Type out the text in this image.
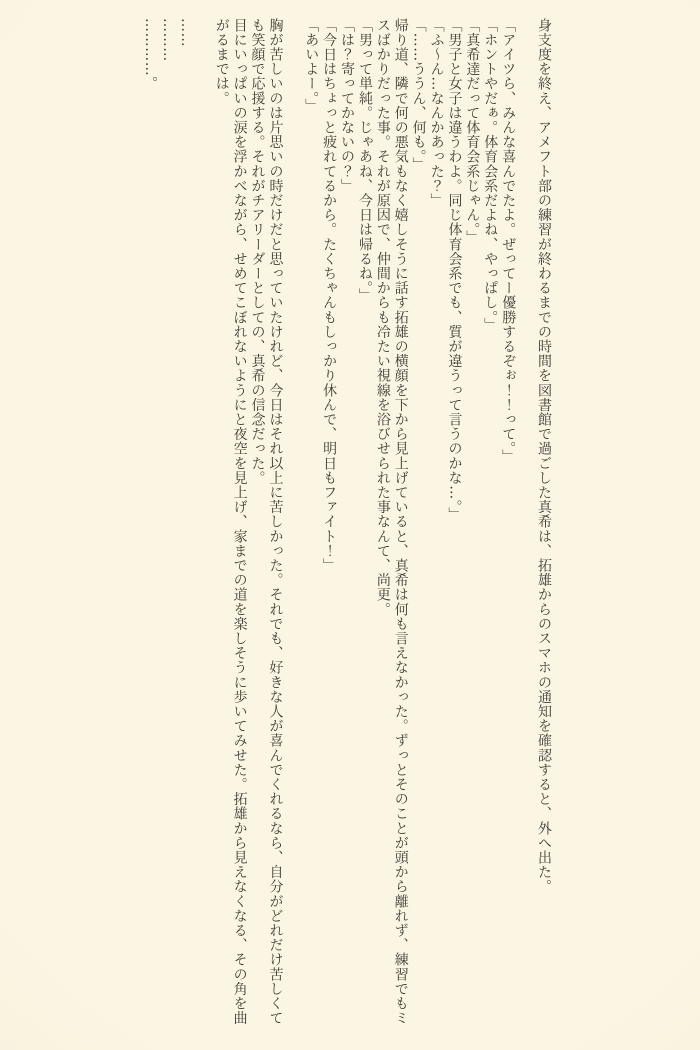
身支度を終え、アメフト部の練習が終わるまでの時間を図書館で過ごした真希は、拓雄からのスマホの通知を確認すると、外へ出た。

「アイツら、みんな喜んでたよ。ぜってー優勝するぞぉ！！って。」

「ホントやだぁ。体育会系だよね、やっぱし。」

「真希達だって体育会系じゃん。」

「男子と女子は違うわよ。同じ体育会系でも、質が違うって言うのかな…。」

「ふ〜ん…なんかあった？」

「……ううん、何も。」

帰り道、隣で何の悪気もなく嬉しそうに話す拓雄の横顔を下から見上げていると、真希は何も言えなかった。ずっとそのことが頭から離れず、練習でもミスばかりだった事。それが原因で、仲間からも冷たい視線を浴びせられた事なんて、尚更。

「男って単純。じゃあね、今日は帰るね。」

「は？寄ってかないの？」

「今日はちょっと疲れてるから。たくちゃんもしっかり休んで、明日もファイト！」

「あいよー。」

胸が苦しいのは片思いの時だけだと思っていたけれど、今日はそれ以上に苦しかった。それでも、好きな人が喜んでくれるなら、自分がどれだけ苦しくても笑顔で応援する。それがチアリーダーとしての、真希の信念だった。

目にいっぱいの涙を浮かべながら、せめてこぼれないようにと夜空を見上げ、家までの道を楽しそうに歩いてみせた。拓雄から見えなくなる、その角を曲がるまでは。

……

………

…………。
